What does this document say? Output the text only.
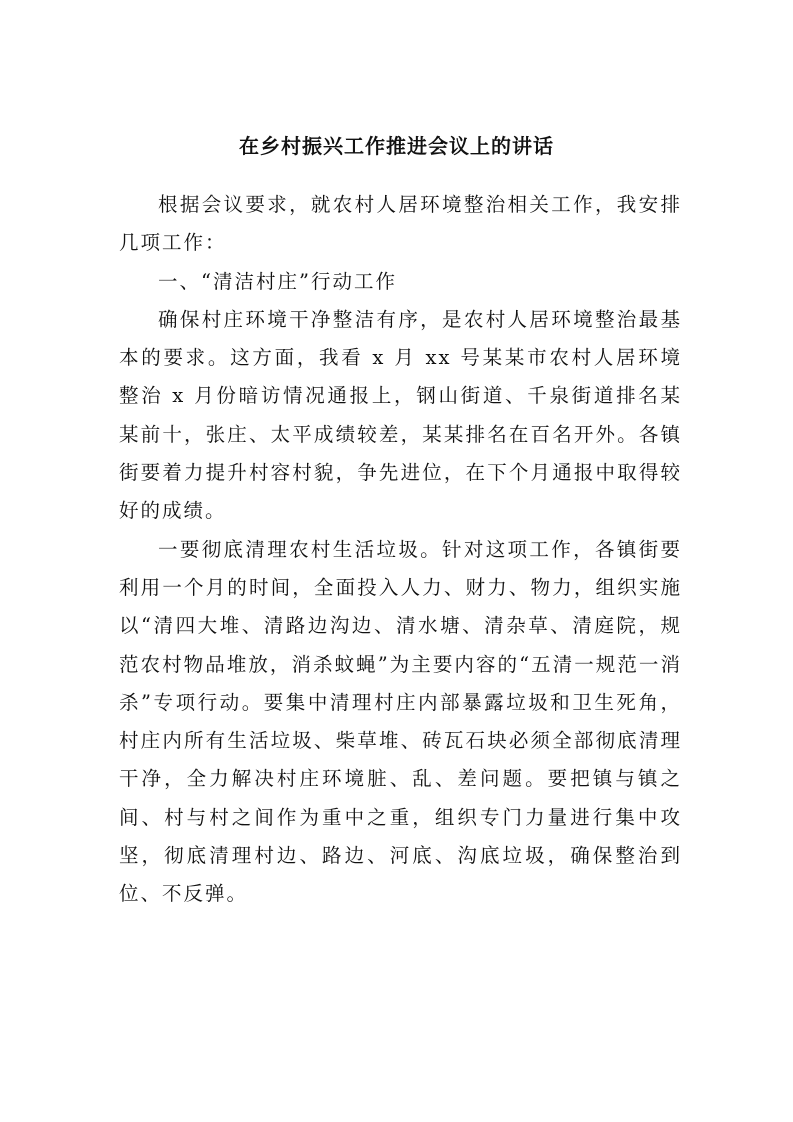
在乡村振兴工作推进会议上的讲话

根据会议要求，就农村人居环境整治相关工作，我安排几项工作：

一、“清洁村庄”行动工作

确保村庄环境干净整洁有序，是农村人居环境整治最基本的要求。这方面，我看 x 月 xx 号某某市农村人居环境整治 x 月份暗访情况通报上，钢山街道、千泉街道排名某某前十，张庄、太平成绩较差，某某排名在百名开外。各镇街要着力提升村容村貌，争先进位，在下个月通报中取得较好的成绩。

一要彻底清理农村生活垃圾。针对这项工作，各镇街要利用一个月的时间，全面投入人力、财力、物力，组织实施以“清四大堆、清路边沟边、清水塘、清杂草、清庭院，规范农村物品堆放，消杀蚊蝇”为主要内容的“五清一规范一消杀”专项行动。要集中清理村庄内部暴露垃圾和卫生死角，村庄内所有生活垃圾、柴草堆、砖瓦石块必须全部彻底清理干净，全力解决村庄环境脏、乱、差问题。要把镇与镇之间、村与村之间作为重中之重，组织专门力量进行集中攻坚，彻底清理村边、路边、河底、沟底垃圾，确保整治到位、不反弹。
